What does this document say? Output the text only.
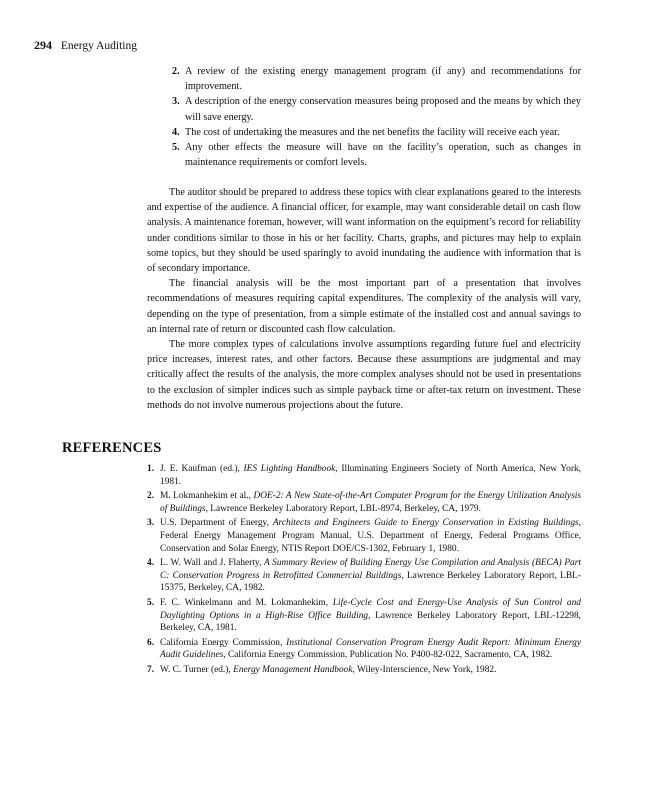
294 Energy Auditing
2. A review of the existing energy management program (if any) and recommendations for improvement.
3. A description of the energy conservation measures being proposed and the means by which they will save energy.
4. The cost of undertaking the measures and the net benefits the facility will receive each year.
5. Any other effects the measure will have on the facility’s operation, such as changes in maintenance requirements or comfort levels.

The auditor should be prepared to address these topics with clear explanations geared to the interests and expertise of the audience. A financial officer, for example, may want considerable detail on cash flow analysis. A maintenance foreman, however, will want information on the equipment’s record for reliability under conditions similar to those in his or her facility. Charts, graphs, and pictures may help to explain some topics, but they should be used sparingly to avoid inundating the audience with information that is of secondary importance.

The financial analysis will be the most important part of a presentation that involves recommendations of measures requiring capital expenditures. The complexity of the analysis will vary, depending on the type of presentation, from a simple estimate of the installed cost and annual savings to an internal rate of return or discounted cash flow calculation.

The more complex types of calculations involve assumptions regarding future fuel and electricity price increases, interest rates, and other factors. Because these assumptions are judgmental and may critically affect the results of the analysis, the more complex analyses should not be used in presentations to the exclusion of simpler indices such as simple payback time or after-tax return on investment. These methods do not involve numerous projections about the future.

REFERENCES
1. J. E. Kaufman (ed.), IES Lighting Handbook, Illuminating Engineers Society of North America, New York, 1981.
2. M. Lokmanhekim et al., DOE-2: A New State-of-the-Art Computer Program for the Energy Utilization Analysis of Buildings, Lawrence Berkeley Laboratory Report, LBL-8974, Berkeley, CA, 1979.
3. U.S. Department of Energy, Architects and Engineers Guide to Energy Conservation in Existing Buildings, Federal Energy Management Program Manual, U.S. Department of Energy, Federal Programs Office, Conservation and Solar Energy, NTIS Report DOE/CS-1302, February 1, 1980.
4. L. W. Wall and J. Flaherty, A Summary Review of Building Energy Use Compilation and Analysis (BECA) Part C: Conservation Progress in Retrofitted Commercial Buildings, Lawrence Berkeley Laboratory Report, LBL-15375, Berkeley, CA, 1982.
5. F. C. Winkelmann and M. Lokmanhekim, Life-Cycle Cost and Energy-Use Analysis of Sun Control and Daylighting Options in a High-Rise Office Building, Lawrence Berkeley Laboratory Report, LBL-12298, Berkeley, CA, 1981.
6. California Energy Commission, Institutional Conservation Program Energy Audit Report: Minimum Energy Audit Guidelines, California Energy Commission, Publication No. P400-82-022, Sacramento, CA, 1982.
7. W. C. Turner (ed.), Energy Management Handbook, Wiley-Interscience, New York, 1982.
